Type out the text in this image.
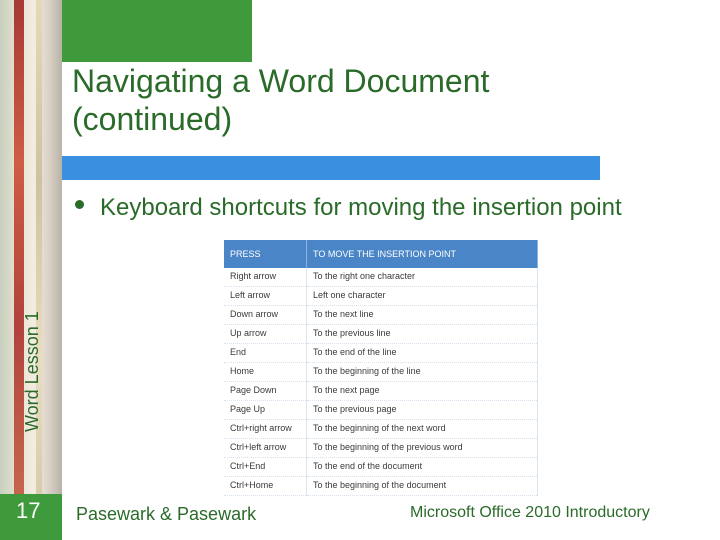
Navigating a Word Document
(continued)
Word Lesson 1
Keyboard shortcuts for moving the insertion point
PRESS	TO MOVE THE INSERTION POINT
Right arrow	To the right one character
Left arrow	Left one character
Down arrow	To the next line
Up arrow	To the previous line
End	To the end of the line
Home	To the beginning of the line
Page Down	To the next page
Page Up	To the previous page
Ctrl+right arrow	To the beginning of the next word
Ctrl+left arrow	To the beginning of the previous word
Ctrl+End	To the end of the document
Ctrl+Home	To the beginning of the document
17 Pasewark & Pasewark	Microsoft Office 2010 Introductory
